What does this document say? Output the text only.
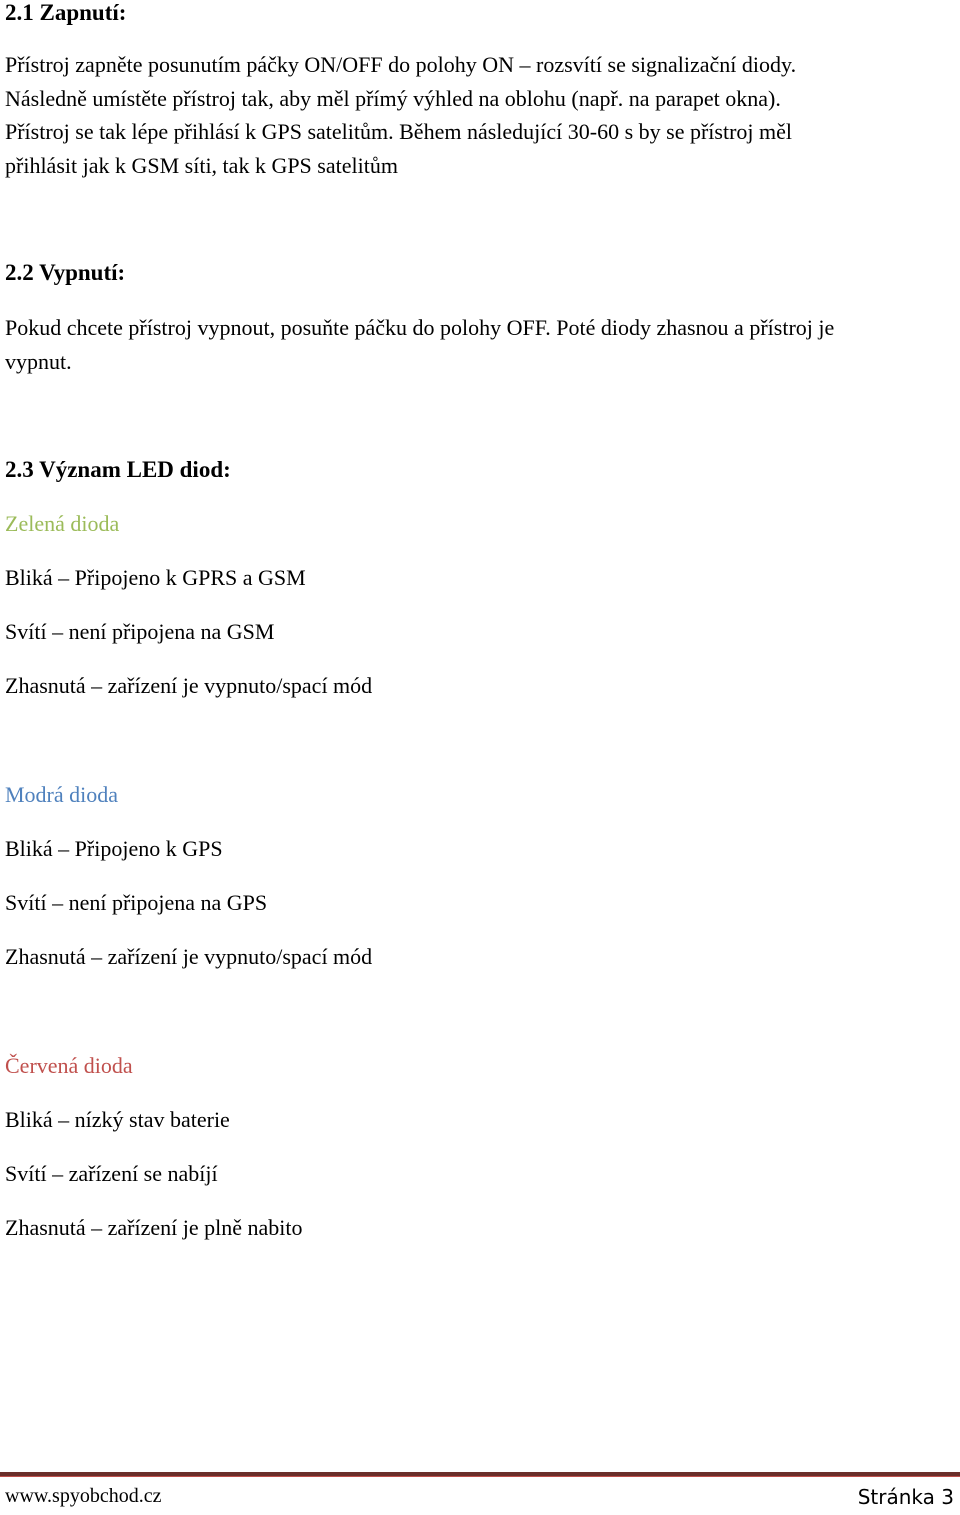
2.1 Zapnutí:
Přístroj zapněte posunutím páčky ON/OFF do polohy ON – rozsvítí se signalizační diody.
Následně umístěte přístroj tak, aby měl přímý výhled na oblohu (např. na parapet okna).
Přístroj se tak lépe přihlásí k GPS satelitům. Během následující 30-60 s by se přístroj měl
přihlásit jak k GSM síti, tak k GPS satelitům
2.2 Vypnutí:
Pokud chcete přístroj vypnout, posuňte páčku do polohy OFF. Poté diody zhasnou a přístroj je
vypnut.
2.3 Význam LED diod:
Zelená dioda
Bliká – Připojeno k GPRS a GSM
Svítí – není připojena na GSM
Zhasnutá – zařízení je vypnuto/spací mód
Modrá dioda
Bliká – Připojeno k GPS
Svítí – není připojena na GPS
Zhasnutá – zařízení je vypnuto/spací mód
Červená dioda
Bliká – nízký stav baterie
Svítí – zařízení se nabíjí
Zhasnutá – zařízení je plně nabito
www.spyobchod.cz	Stránka 3
